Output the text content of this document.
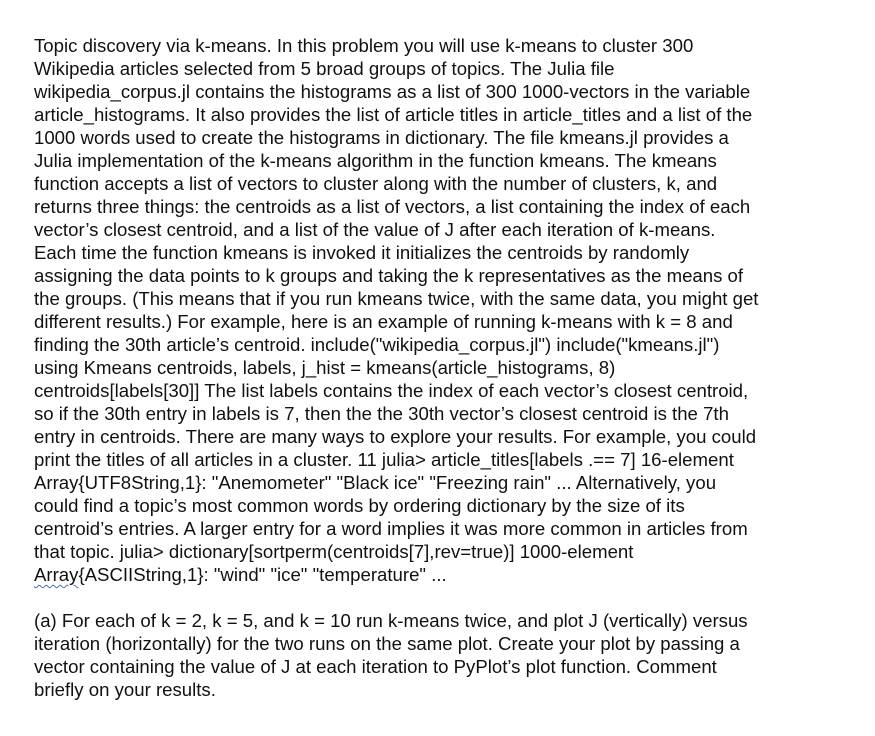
Topic discovery via k-means. In this problem you will use k-means to cluster 300
Wikipedia articles selected from 5 broad groups of topics. The Julia file
wikipedia_corpus.jl contains the histograms as a list of 300 1000-vectors in the variable
article_histograms. It also provides the list of article titles in article_titles and a list of the
1000 words used to create the histograms in dictionary. The file kmeans.jl provides a
Julia implementation of the k-means algorithm in the function kmeans. The kmeans
function accepts a list of vectors to cluster along with the number of clusters, k, and
returns three things: the centroids as a list of vectors, a list containing the index of each
vector’s closest centroid, and a list of the value of J after each iteration of k-means.
Each time the function kmeans is invoked it initializes the centroids by randomly
assigning the data points to k groups and taking the k representatives as the means of
the groups. (This means that if you run kmeans twice, with the same data, you might get
different results.) For example, here is an example of running k-means with k = 8 and
finding the 30th article’s centroid. include("wikipedia_corpus.jl") include("kmeans.jl")
using Kmeans centroids, labels, j_hist = kmeans(article_histograms, 8)
centroids[labels[30]] The list labels contains the index of each vector’s closest centroid,
so if the 30th entry in labels is 7, then the the 30th vector’s closest centroid is the 7th
entry in centroids. There are many ways to explore your results. For example, you could
print the titles of all articles in a cluster. 11 julia> article_titles[labels .== 7] 16-element
Array{UTF8String,1}: "Anemometer" "Black ice" "Freezing rain" ... Alternatively, you
could find a topic’s most common words by ordering dictionary by the size of its
centroid’s entries. A larger entry for a word implies it was more common in articles from
that topic. julia> dictionary[sortperm(centroids[7],rev=true)] 1000-element
Array{ASCIIString,1}: "wind" "ice" "temperature" ...
(a) For each of k = 2, k = 5, and k = 10 run k-means twice, and plot J (vertically) versus
iteration (horizontally) for the two runs on the same plot. Create your plot by passing a
vector containing the value of J at each iteration to PyPlot’s plot function. Comment
briefly on your results.
